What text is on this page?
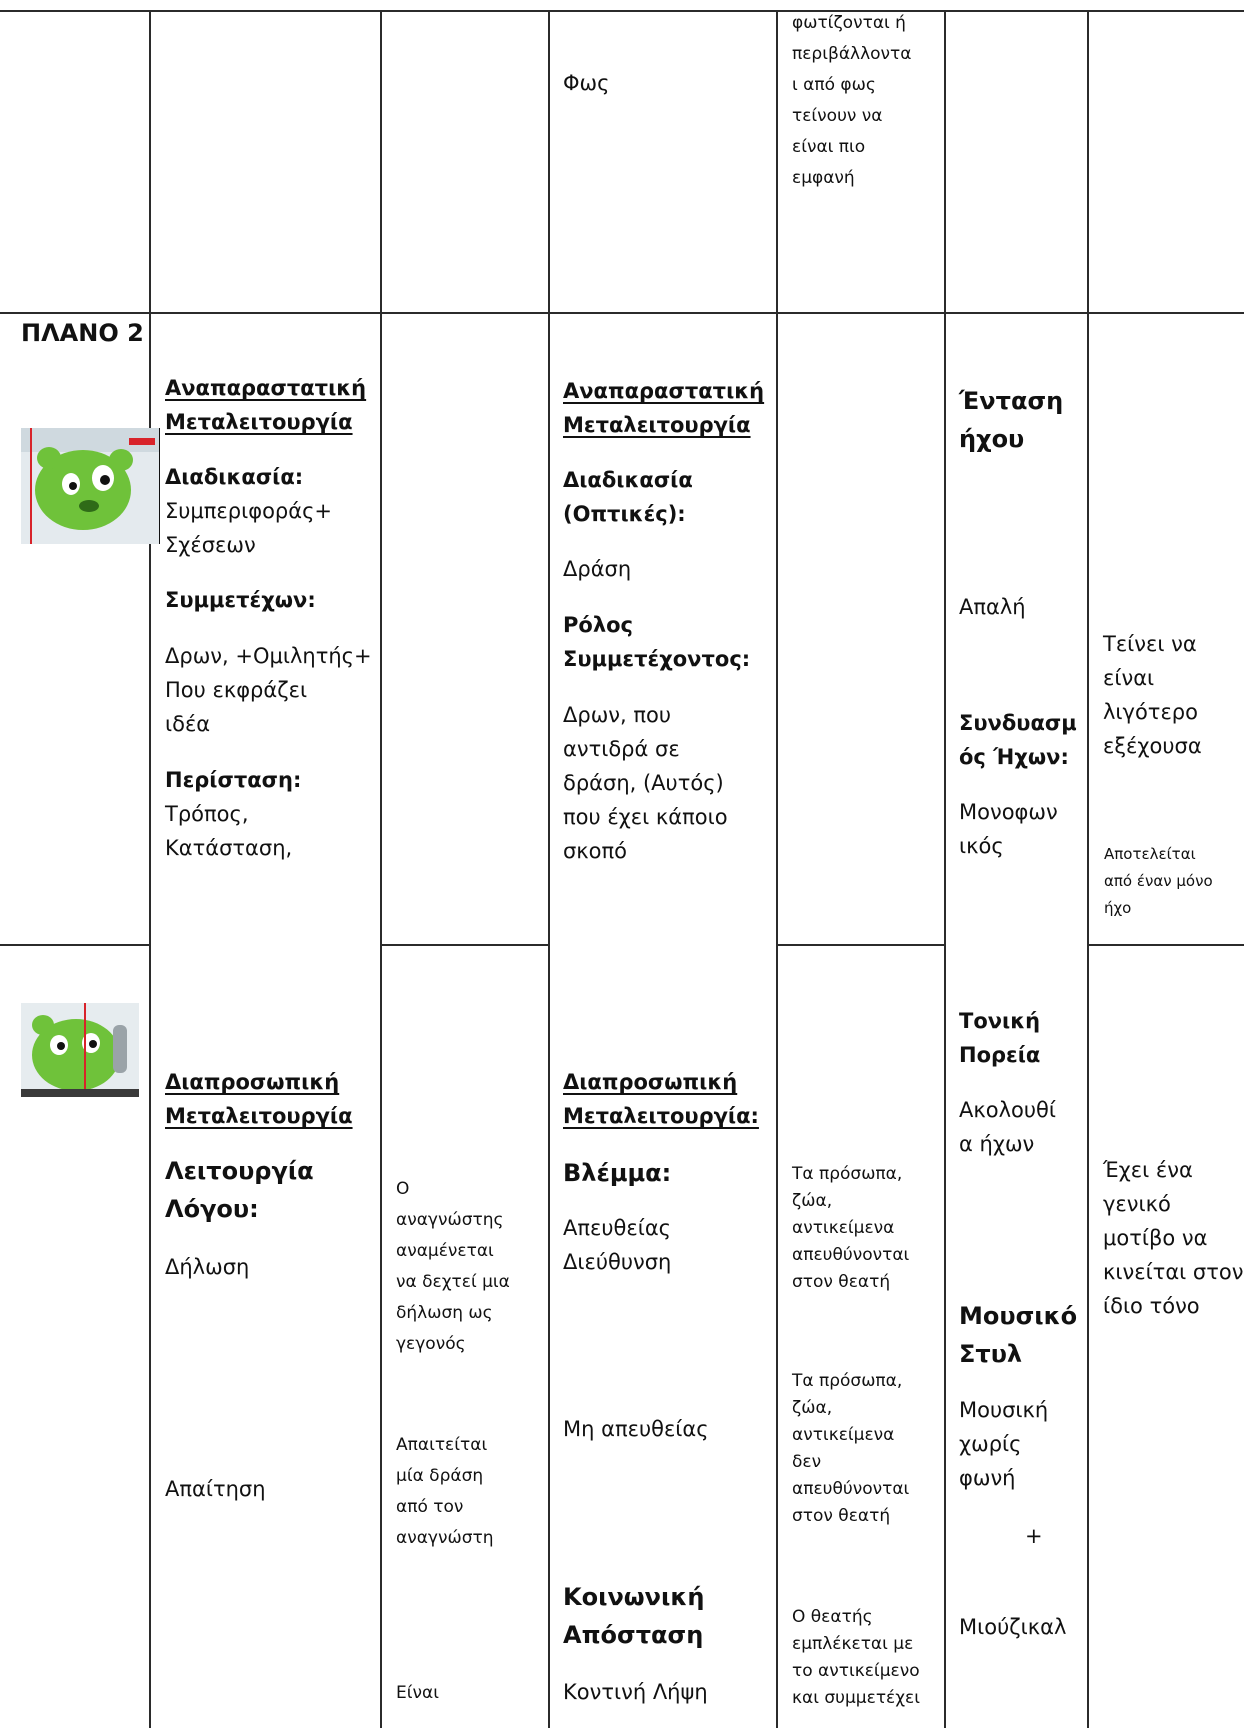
Φως
φωτίζονται ή
περιβάλλοντα
ι από φως
τείνουν να
είναι πιο
εμφανή
ΠΛΑΝΟ 2
Αναπαραστατική
Μεταλειτουργία
Διαδικασία:
Συμπεριφοράς+
Σχέσεων
Συμμετέχων:
Δρων, +Ομιλητής+
Που εκφράζει
ιδέα
Περίσταση:
Τρόπος,
Κατάσταση,
Αναπαραστατική
Μεταλειτουργία
Διαδικασία
(Οπτικές):
Δράση
Ρόλος
Συμμετέχοντος:
Δρων, που
αντιδρά σε
δράση, (Αυτός)
που έχει κάποιο
σκοπό
Ένταση
ήχου
Απαλή
Συνδυασμ
ός Ήχων:
Μονοφων
ικός
Τείνει να
είναι
λιγότερο
εξέχουσα
Αποτελείται
από έναν μόνο
ήχο
Διαπροσωπική
Μεταλειτουργία
Λειτουργία
Λόγου:
Δήλωση
Απαίτηση
Ο
αναγνώστης
αναμένεται
να δεχτεί μια
δήλωση ως
γεγονός
Απαιτείται
μία δράση
από τον
αναγνώστη
Είναι
Διαπροσωπική
Μεταλειτουργία:
Βλέμμα:
Απευθείας
Διεύθυνση
Μη απευθείας
Κοινωνική
Απόσταση
Κοντινή Λήψη
Τα πρόσωπα,
ζώα,
αντικείμενα
απευθύνονται
στον θεατή
Τα πρόσωπα,
ζώα,
αντικείμενα
δεν
απευθύνονται
στον θεατή
Ο θεατής
εμπλέκεται με
το αντικείμενο
και συμμετέχει
Τονική
Πορεία
Ακολουθί
α ήχων
Μουσικό
Στυλ
Μουσική
χωρίς
φωνή
+
Μιούζικαλ
Έχει ένα
γενικό
μοτίβο να
κινείται στον
ίδιο τόνο
